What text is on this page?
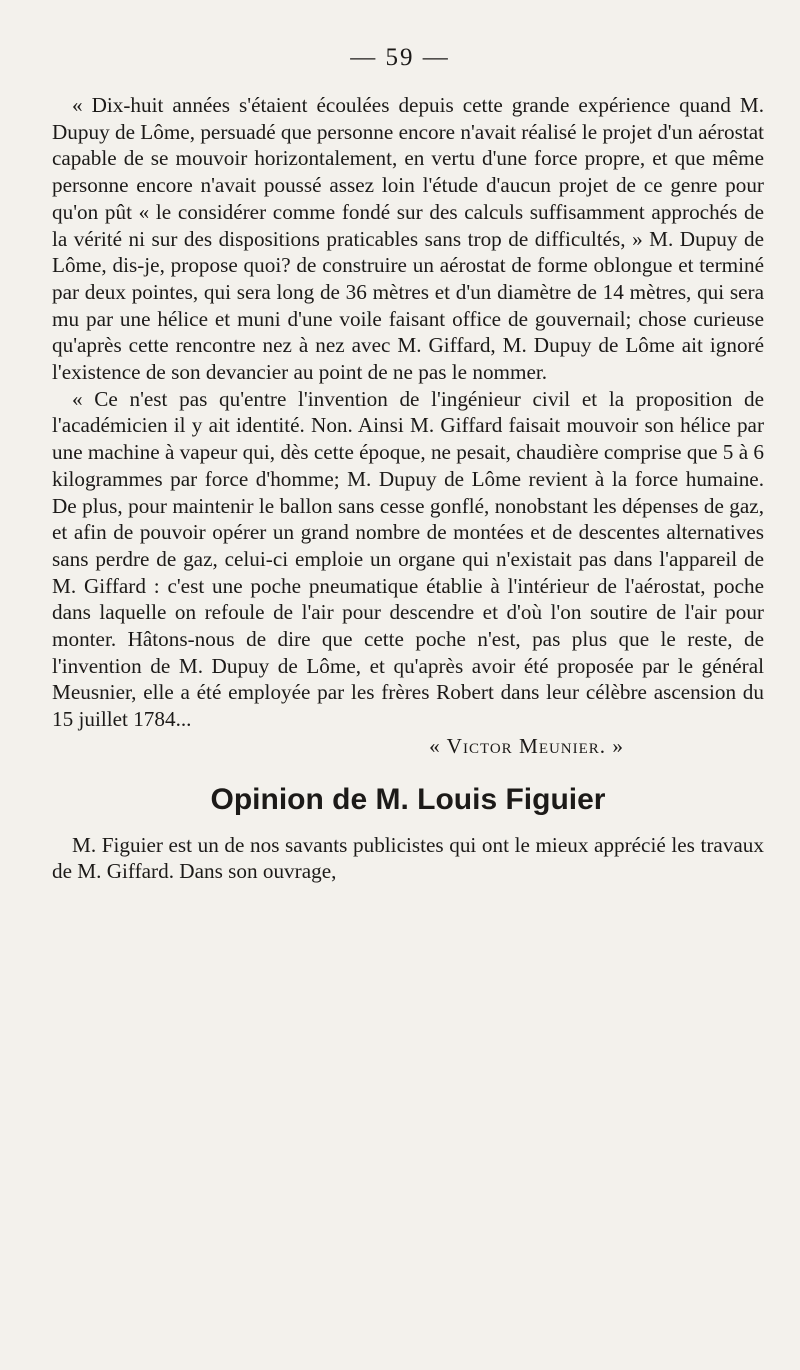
— 59 —

« Dix-huit années s'étaient écoulées depuis cette grande expérience quand M. Dupuy de Lôme, persuadé que personne encore n'avait réalisé le projet d'un aérostat capable de se mouvoir horizontalement, en vertu d'une force propre, et que même personne encore n'avait poussé assez loin l'étude d'aucun projet de ce genre pour qu'on pût « le considérer comme fondé sur des calculs suffisamment approchés de la vérité ni sur des dispositions praticables sans trop de difficultés, » M. Dupuy de Lôme, dis-je, propose quoi? de construire un aérostat de forme oblongue et terminé par deux pointes, qui sera long de 36 mètres et d'un diamètre de 14 mètres, qui sera mu par une hélice et muni d'une voile faisant office de gouvernail; chose curieuse qu'après cette rencontre nez à nez avec M. Giffard, M. Dupuy de Lôme ait ignoré l'existence de son devancier au point de ne pas le nommer.

« Ce n'est pas qu'entre l'invention de l'ingénieur civil et la proposition de l'académicien il y ait identité. Non. Ainsi M. Giffard faisait mouvoir son hélice par une machine à vapeur qui, dès cette époque, ne pesait, chaudière comprise que 5 à 6 kilogrammes par force d'homme; M. Dupuy de Lôme revient à la force humaine. De plus, pour maintenir le ballon sans cesse gonflé, nonobstant les dépenses de gaz, et afin de pouvoir opérer un grand nombre de montées et de descentes alternatives sans perdre de gaz, celui-ci emploie un organe qui n'existait pas dans l'appareil de M. Giffard : c'est une poche pneumatique établie à l'intérieur de l'aérostat, poche dans laquelle on refoule de l'air pour descendre et d'où l'on soutire de l'air pour monter. Hâtons-nous de dire que cette poche n'est, pas plus que le reste, de l'invention de M. Dupuy de Lôme, et qu'après avoir été proposée par le général Meusnier, elle a été employée par les frères Robert dans leur célèbre ascension du 15 juillet 1784...

« Victor Meunier. »

Opinion de M. Louis Figuier

M. Figuier est un de nos savants publicistes qui ont le mieux apprécié les travaux de M. Giffard. Dans son ouvrage,
